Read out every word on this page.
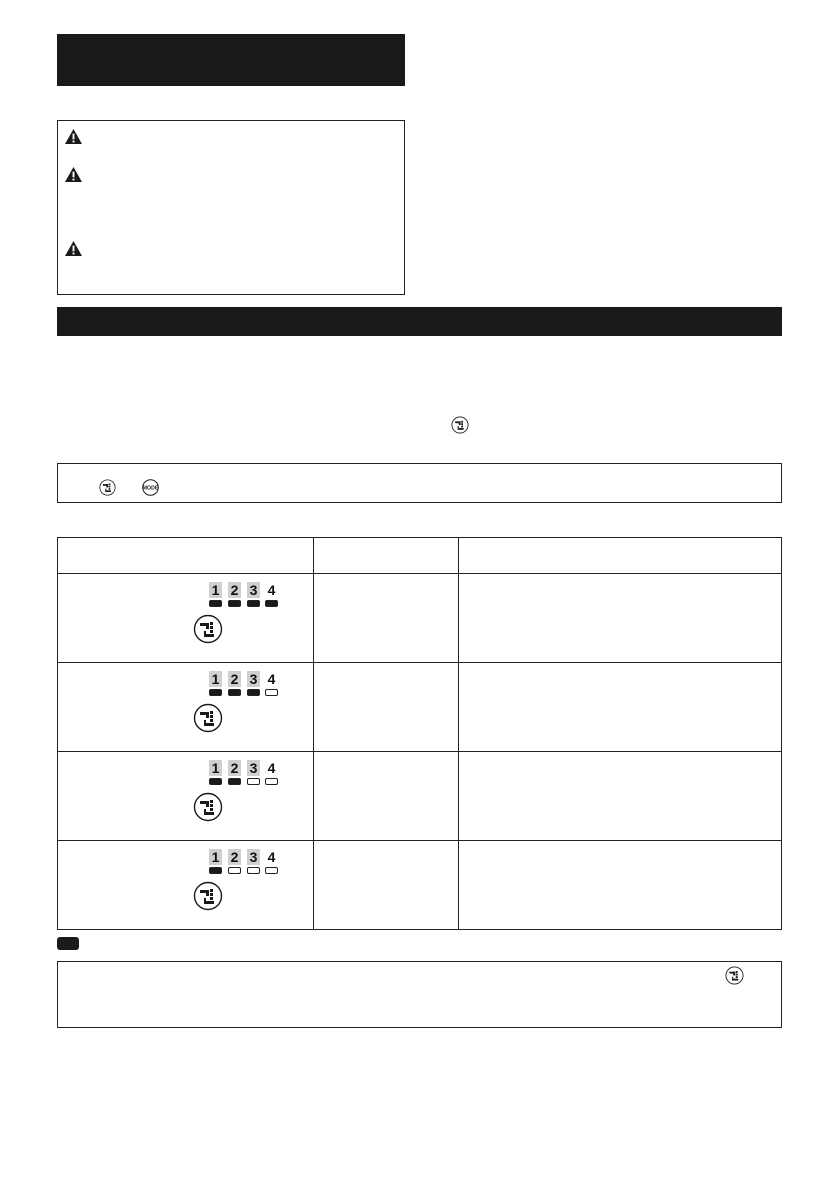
MODE

1 2 3 4		

1 2 3 4		

1 2 3 4		

1 2 3 4		
